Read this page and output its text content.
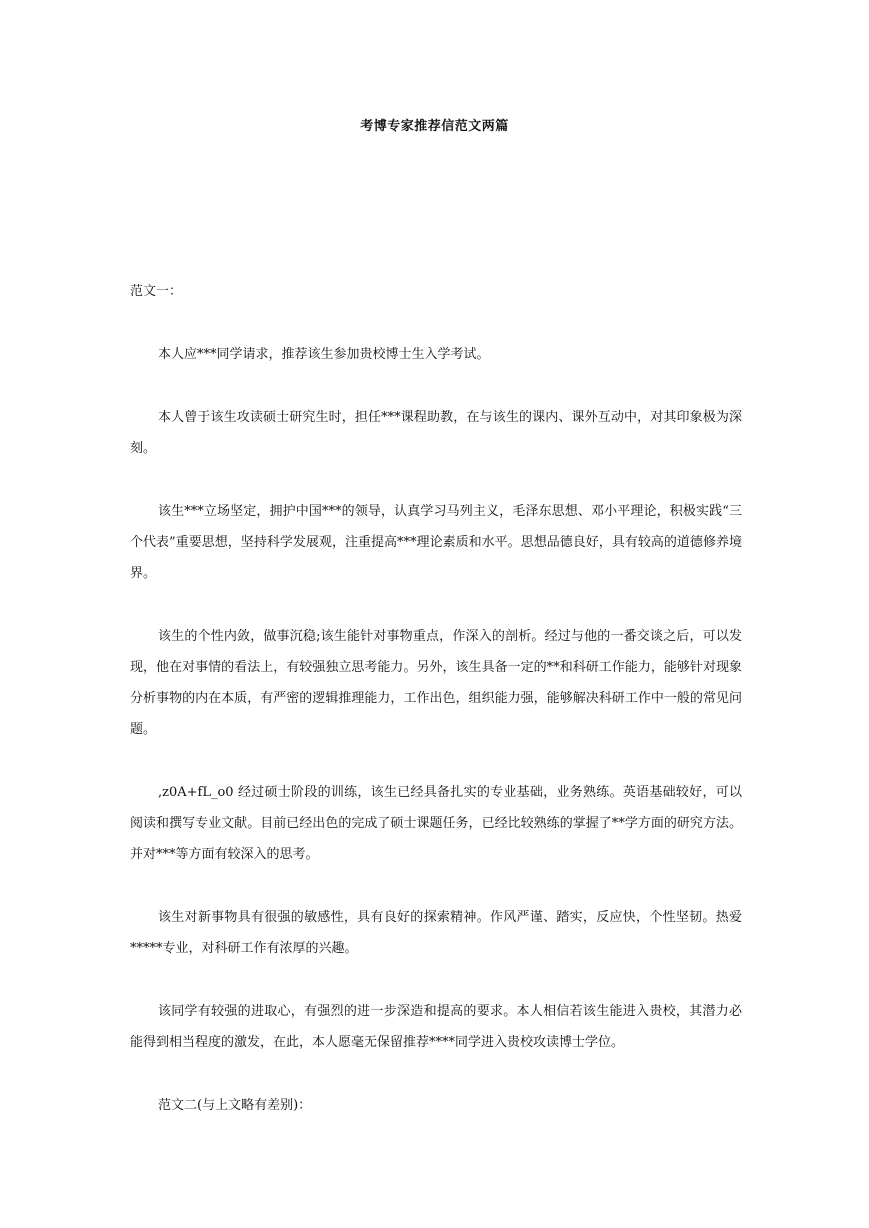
考博专家推荐信范文两篇

范文一：

本人应***同学请求，推荐该生参加贵校博士生入学考试。

本人曾于该生攻读硕士研究生时，担任***课程助教，在与该生的课内、课外互动中，对其印象极为深刻。

该生***立场坚定，拥护中国***的领导，认真学习马列主义，毛泽东思想、邓小平理论，积极实践“三个代表”重要思想，坚持科学发展观，注重提高***理论素质和水平。思想品德良好，具有较高的道德修养境界。

该生的个性内敛，做事沉稳;该生能针对事物重点，作深入的剖析。经过与他的一番交谈之后，可以发现，他在对事情的看法上，有较强独立思考能力。另外，该生具备一定的**和科研工作能力，能够针对现象分析事物的内在本质，有严密的逻辑推理能力，工作出色，组织能力强，能够解决科研工作中一般的常见问题。

,z0A+fL_o0 经过硕士阶段的训练，该生已经具备扎实的专业基础，业务熟练。英语基础较好，可以阅读和撰写专业文献。目前已经出色的完成了硕士课题任务，已经比较熟练的掌握了**学方面的研究方法。并对***等方面有较深入的思考。

该生对新事物具有很强的敏感性，具有良好的探索精神。作风严谨、踏实，反应快，个性坚韧。热爱*****专业，对科研工作有浓厚的兴趣。

该同学有较强的进取心，有强烈的进一步深造和提高的要求。本人相信若该生能进入贵校，其潜力必能得到相当程度的激发，在此，本人愿毫无保留推荐****同学进入贵校攻读博士学位。

范文二(与上文略有差别)：
